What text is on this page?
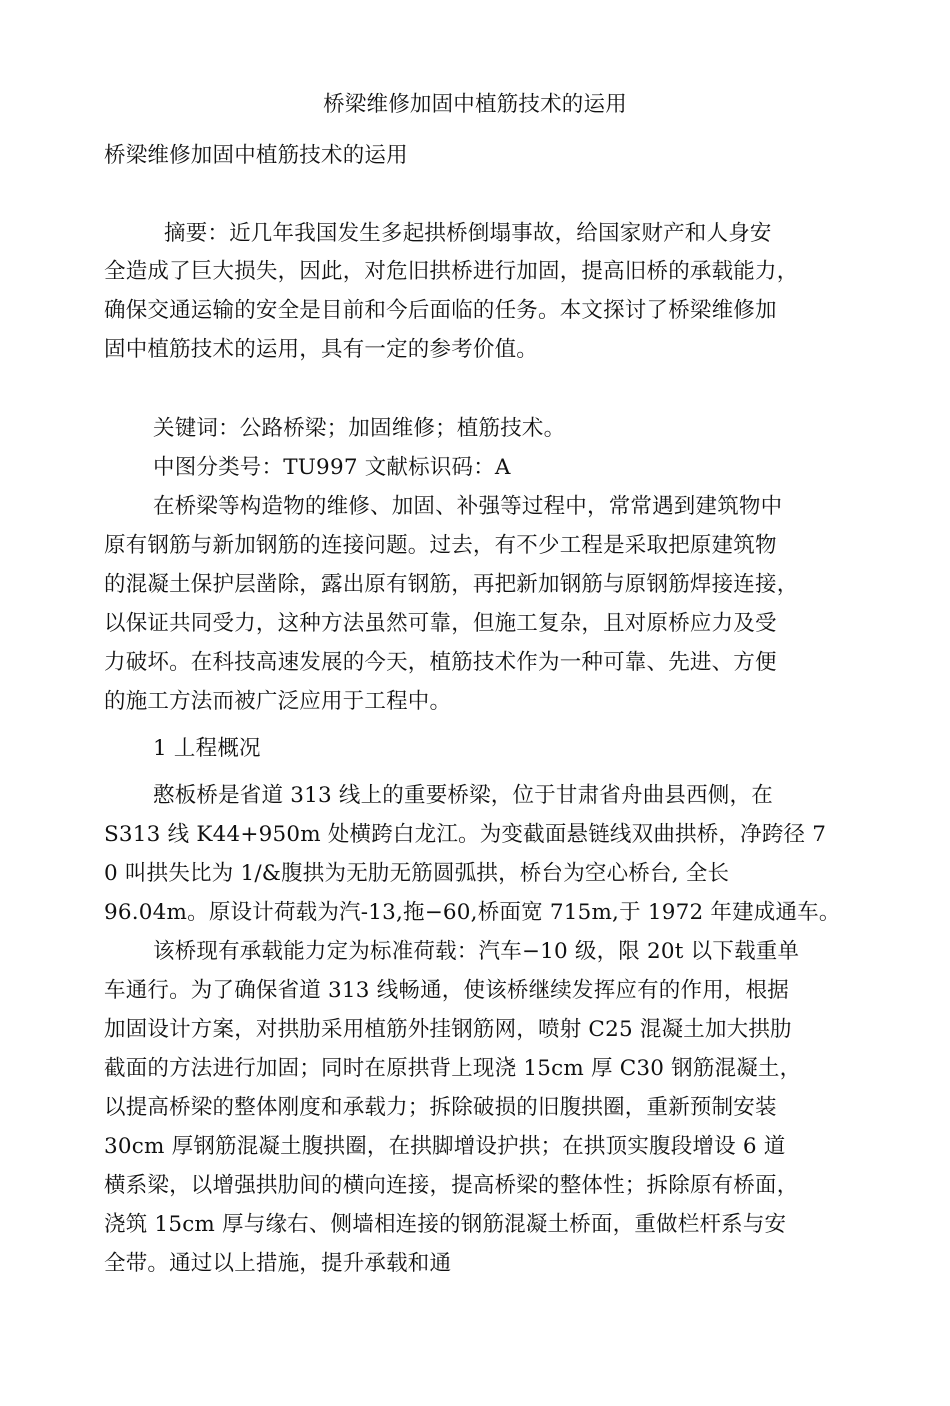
桥梁维修加固中植筋技术的运用
桥梁维修加固中植筋技术的运用
摘要：近几年我国发生多起拱桥倒塌事故，给国家财产和人身安
全造成了巨大损失，因此，对危旧拱桥进行加固，提高旧桥的承载能力，
确保交通运输的安全是目前和今后面临的任务。本文探讨了桥梁维修加
固中植筋技术的运用，具有一定的参考价值。
关键词：公路桥梁；加固维修；植筋技术。
中图分类号：TU997 文献标识码：A
在桥梁等构造物的维修、加固、补强等过程中，常常遇到建筑物中
原有钢筋与新加钢筋的连接问题。过去，有不少工程是采取把原建筑物
的混凝土保护层凿除，露出原有钢筋，再把新加钢筋与原钢筋焊接连接，
以保证共同受力，这种方法虽然可靠，但施工复杂，且对原桥应力及受
力破坏。在科技高速发展的今天，植筋技术作为一种可靠、先进、方便
的施工方法而被广泛应用于工程中。
1 丄程概况
憨板桥是省道 313 线上的重要桥梁，位于甘肃省舟曲县西侧，在
S313 线 K44+950m 处横跨白龙江。为变截面悬链线双曲拱桥，净跨径 7
0 叫拱失比为 1/&腹拱为无肋无筋圆弧拱，桥台为空心桥台, 全长
96.04m。原设计荷载为汽-13,拖−60,桥面宽 715m,于 1972 年建成通车。
该桥现有承载能力定为标准荷载：汽车−10 级，限 20t 以下载重单
车通行。为了确保省道 313 线畅通，使该桥继续发挥应有的作用，根据
加固设计方案，对拱肋采用植筋外挂钢筋网，喷射 C25 混凝土加大拱肋
截面的方法进行加固；同时在原拱背上现浇 15cm 厚 C30 钢筋混凝土，
以提高桥梁的整体刚度和承载力；拆除破损的旧腹拱圈，重新预制安装
30cm 厚钢筋混凝土腹拱圈，在拱脚增设护拱；在拱顶实腹段增设 6 道
横系梁，以增强拱肋间的横向连接，提高桥梁的整体性；拆除原有桥面，
浇筑 15cm 厚与缘右、侧墙相连接的钢筋混凝土桥面，重做栏杆系与安
全带。通过以上措施，提升承载和通
